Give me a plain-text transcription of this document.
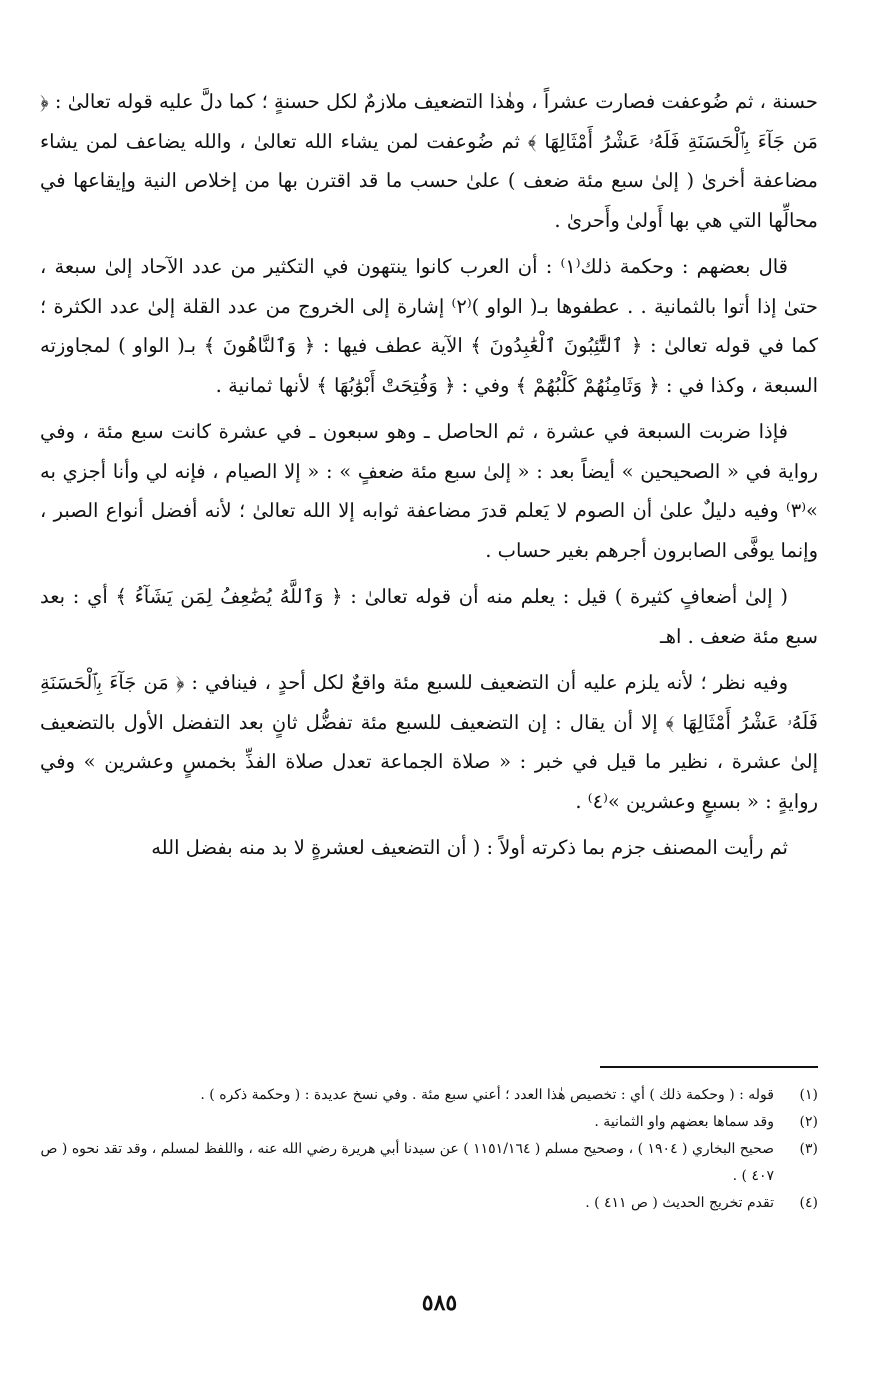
حسنة ، ثم ضُوعفت فصارت عشراً ، وهٰذا التضعيف ملازمٌ لكل حسنةٍ ؛ كما دلَّ عليه قوله تعالىٰ : ﴿ مَن جَآءَ بِٱلْحَسَنَةِ فَلَهُۥ عَشْرُ أَمْثَالِهَا ﴾ ثم ضُوعفت لمن يشاء الله تعالىٰ ، والله يضاعف لمن يشاء مضاعفة أخرىٰ ( إلىٰ سبع مئة ضعف ) علىٰ حسب ما قد اقترن بها من إخلاص النية وإيقاعها في محالِّها التي هي بها أَولىٰ وأَحرىٰ .

قال بعضهم : وحكمة ذلك⁽١⁾ : أن العرب كانوا ينتهون في التكثير من عدد الآحاد إلىٰ سبعة ، حتىٰ إذا أتوا بالثمانية . . عطفوها بـ( الواو )⁽٢⁾ إشارة إلى الخروج من عدد القلة إلىٰ عدد الكثرة ؛ كما في قوله تعالىٰ : ﴿ ٱلتَّٰٓئِبُونَ ٱلْعَٰبِدُونَ ﴾ الآية عطف فيها : ﴿ وَٱلنَّاهُونَ ﴾ بـ( الواو ) لمجاوزته السبعة ، وكذا في : ﴿ وَثَامِنُهُمْ كَلْبُهُمْ ﴾ وفي : ﴿ وَفُتِحَتْ أَبْوَٰبُهَا ﴾ لأنها ثمانية .

فإذا ضربت السبعة في عشرة ، ثم الحاصل ـ وهو سبعون ـ في عشرة كانت سبع مئة ، وفي رواية في « الصحيحين » أيضاً بعد : « إلىٰ سبع مئة ضعفٍ » : « إلا الصيام ، فإنه لي وأنا أجزي به »⁽٣⁾ وفيه دليلٌ علىٰ أن الصوم لا يَعلم قدرَ مضاعفة ثوابه إلا الله تعالىٰ ؛ لأنه أفضل أنواع الصبر ، وإنما يوفَّى الصابرون أجرهم بغير حساب .

( إلىٰ أضعافٍ كثيرة ) قيل : يعلم منه أن قوله تعالىٰ : ﴿ وَٱللَّهُ يُضَٰعِفُ لِمَن يَشَآءُ ﴾ أي : بعد سبع مئة ضعف . اهـ

وفيه نظر ؛ لأنه يلزم عليه أن التضعيف للسبع مئة واقعٌ لكل أحدٍ ، فينافي : ﴿ مَن جَآءَ بِٱلْحَسَنَةِ فَلَهُۥ عَشْرُ أَمْثَالِهَا ﴾ إلا أن يقال : إن التضعيف للسبع مئة تفضُّل ثانٍ بعد التفضل الأول بالتضعيف إلىٰ عشرة ، نظير ما قيل في خبر : « صلاة الجماعة تعدل صلاة الفذِّ بخمسٍ وعشرين » وفي روايةٍ : « بسبعٍ وعشرين »⁽٤⁾ .

ثم رأيت المصنف جزم بما ذكرته أولاً : ( أن التضعيف لعشرةٍ لا بد منه بفضل الله

(١)
قوله : ( وحكمة ذلك ) أي : تخصيص هٰذا العدد ؛ أعني سبع مئة . وفي نسخ عديدة : ( وحكمة ذكره ) .
(٢)
وقد سماها بعضهم واو الثمانية .
(٣)
صحيح البخاري ( ١٩٠٤ ) ، وصحيح مسلم ( ١١٥١/١٦٤ ) عن سيدنا أبي هريرة رضي الله عنه ، واللفظ لمسلم ، وقد تقد نحوه ( ص ٤٠٧ ) .
(٤)
تقدم تخريج الحديث ( ص ٤١١ ) .
٥٨٥
